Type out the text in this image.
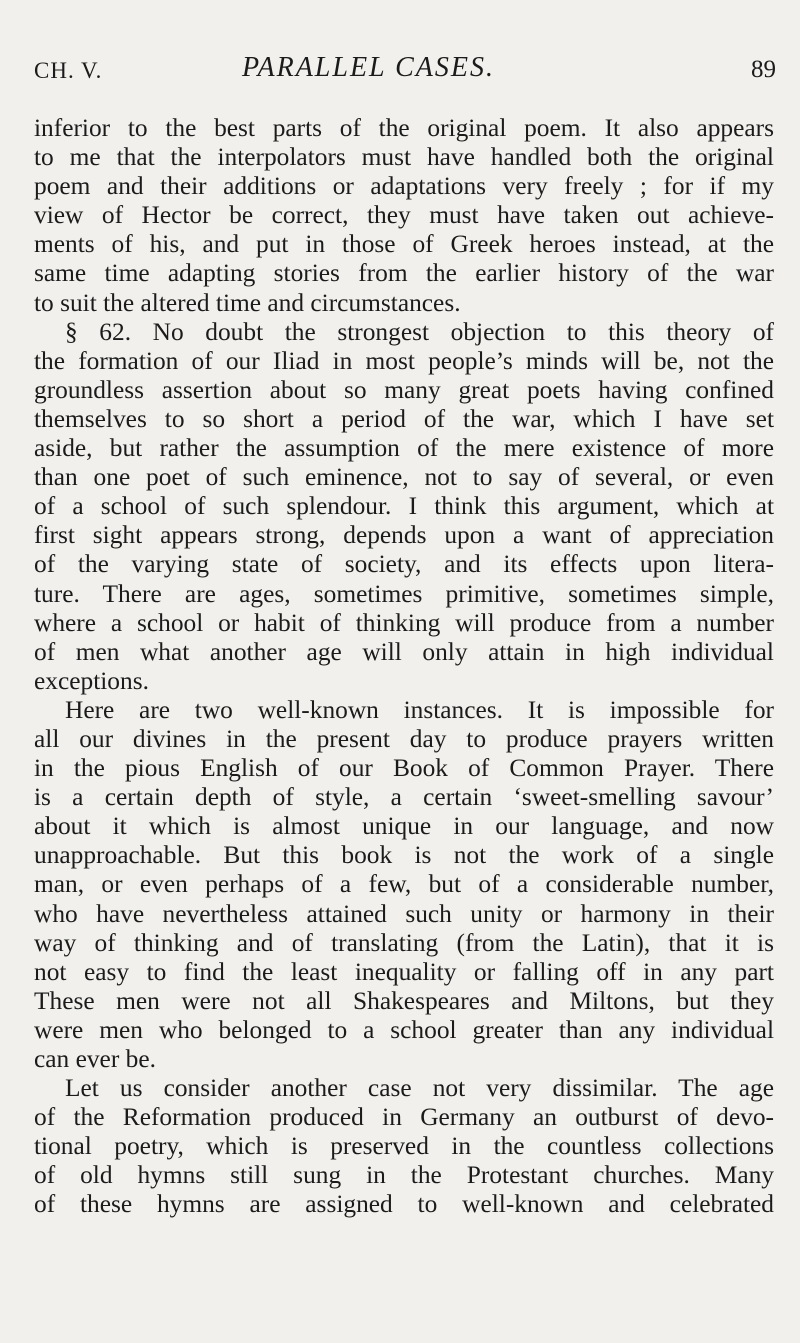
CH. V.	PARALLEL CASES.	89
inferior to the best parts of the original poem. It also appears
to me that the interpolators must have handled both the original
poem and their additions or adaptations very freely ; for if my
view of Hector be correct, they must have taken out achieve-
ments of his, and put in those of Greek heroes instead, at the
same time adapting stories from the earlier history of the war
to suit the altered time and circumstances.
§ 62. No doubt the strongest objection to this theory of
the formation of our Iliad in most people’s minds will be, not the
groundless assertion about so many great poets having confined
themselves to so short a period of the war, which I have set
aside, but rather the assumption of the mere existence of more
than one poet of such eminence, not to say of several, or even
of a school of such splendour. I think this argument, which at
first sight appears strong, depends upon a want of appreciation
of the varying state of society, and its effects upon litera-
ture. There are ages, sometimes primitive, sometimes simple,
where a school or habit of thinking will produce from a number
of men what another age will only attain in high individual
exceptions.
Here are two well-known instances. It is impossible for
all our divines in the present day to produce prayers written
in the pious English of our Book of Common Prayer. There
is a certain depth of style, a certain ‘sweet-smelling savour’
about it which is almost unique in our language, and now
unapproachable. But this book is not the work of a single
man, or even perhaps of a few, but of a considerable number,
who have nevertheless attained such unity or harmony in their
way of thinking and of translating (from the Latin), that it is
not easy to find the least inequality or falling off in any part
These men were not all Shakespeares and Miltons, but they
were men who belonged to a school greater than any individual
can ever be.
Let us consider another case not very dissimilar. The age
of the Reformation produced in Germany an outburst of devo-
tional poetry, which is preserved in the countless collections
of old hymns still sung in the Protestant churches. Many
of these hymns are assigned to well-known and celebrated
